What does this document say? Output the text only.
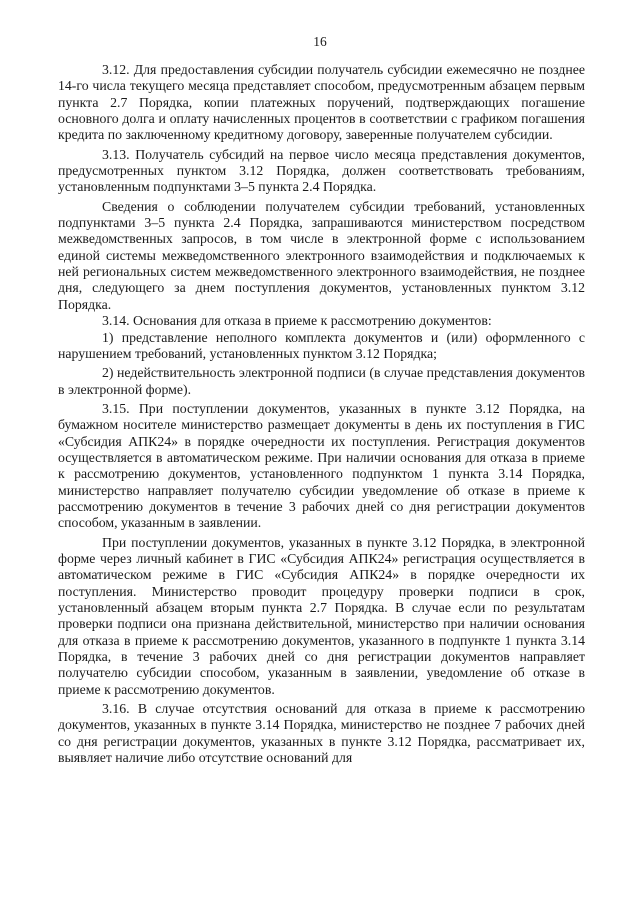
16

3.12. Для предоставления субсидии получатель субсидии ежемесячно не позднее 14-го числа текущего месяца представляет способом, предусмотренным абзацем первым пункта 2.7 Порядка, копии платежных поручений, подтверждающих погашение основного долга и оплату начисленных процентов в соответствии с графиком погашения кредита по заключенному кредитному договору, заверенные получателем субсидии.

3.13. Получатель субсидий на первое число месяца представления документов, предусмотренных пунктом 3.12 Порядка, должен соответствовать требованиям, установленным подпунктами 3–5 пункта 2.4 Порядка.

Сведения о соблюдении получателем субсидии требований, установленных подпунктами 3–5 пункта 2.4 Порядка, запрашиваются министерством посредством межведомственных запросов, в том числе в электронной форме с использованием единой системы межведомственного электронного взаимодействия и подключаемых к ней региональных систем межведомственного электронного взаимодействия, не позднее дня, следующего за днем поступления документов, установленных пунктом 3.12 Порядка.

3.14. Основания для отказа в приеме к рассмотрению документов:

1) представление неполного комплекта документов и (или) оформленного с нарушением требований, установленных пунктом 3.12 Порядка;

2) недействительность электронной подписи (в случае представления документов в электронной форме).

3.15. При поступлении документов, указанных в пункте 3.12 Порядка, на бумажном носителе министерство размещает документы в день их поступления в ГИС «Субсидия АПК24» в порядке очередности их поступления. Регистрация документов осуществляется в автоматическом режиме. При наличии основания для отказа в приеме к рассмотрению документов, установленного подпунктом 1 пункта 3.14 Порядка, министерство направляет получателю субсидии уведомление об отказе в приеме к рассмотрению документов в течение 3 рабочих дней со дня регистрации документов способом, указанным в заявлении.

При поступлении документов, указанных в пункте 3.12 Порядка, в электронной форме через личный кабинет в ГИС «Субсидия АПК24» регистрация осуществляется в автоматическом режиме в ГИС «Субсидия АПК24» в порядке очередности их поступления. Министерство проводит процедуру проверки подписи в срок, установленный абзацем вторым пункта 2.7 Порядка. В случае если по результатам проверки подписи она признана действительной, министерство при наличии основания для отказа в приеме к рассмотрению документов, указанного в подпункте 1 пункта 3.14 Порядка, в течение 3 рабочих дней со дня регистрации документов направляет получателю субсидии способом, указанным в заявлении, уведомление об отказе в приеме к рассмотрению документов.

3.16. В случае отсутствия оснований для отказа в приеме к рассмотрению документов, указанных в пункте 3.14 Порядка, министерство не позднее 7 рабочих дней со дня регистрации документов, указанных в пункте 3.12 Порядка, рассматривает их, выявляет наличие либо отсутствие оснований для
